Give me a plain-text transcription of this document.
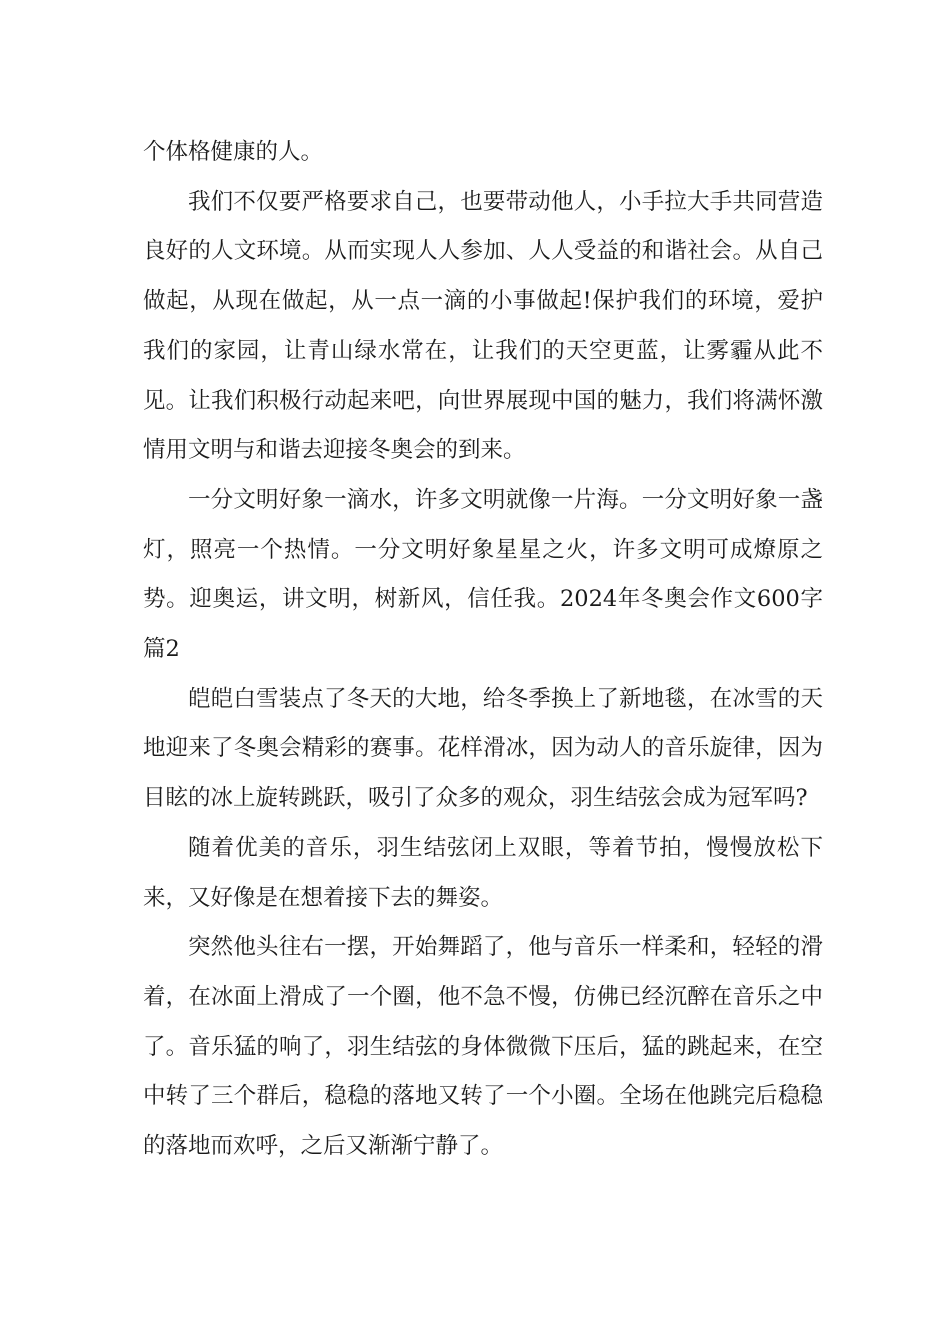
个体格健康的人。

我们不仅要严格要求自己，也要带动他人，小手拉大手共同营造良好的人文环境。从而实现人人参加、人人受益的和谐社会。从自己做起，从现在做起，从一点一滴的小事做起!保护我们的环境，爱护我们的家园，让青山绿水常在，让我们的天空更蓝，让雾霾从此不见。让我们积极行动起来吧，向世界展现中国的魅力，我们将满怀激情用文明与和谐去迎接冬奥会的到来。

一分文明好象一滴水，许多文明就像一片海。一分文明好象一盏灯，照亮一个热情。一分文明好象星星之火，许多文明可成燎原之势。迎奥运，讲文明，树新风，信任我。2024年冬奥会作文600字篇2

皑皑白雪装点了冬天的大地，给冬季换上了新地毯，在冰雪的天地迎来了冬奥会精彩的赛事。花样滑冰，因为动人的音乐旋律，因为目眩的冰上旋转跳跃，吸引了众多的观众，羽生结弦会成为冠军吗?

随着优美的音乐，羽生结弦闭上双眼，等着节拍，慢慢放松下来，又好像是在想着接下去的舞姿。

突然他头往右一摆，开始舞蹈了，他与音乐一样柔和，轻轻的滑着，在冰面上滑成了一个圈，他不急不慢，仿佛已经沉醉在音乐之中了。音乐猛的响了，羽生结弦的身体微微下压后，猛的跳起来，在空中转了三个群后，稳稳的落地又转了一个小圈。全场在他跳完后稳稳的落地而欢呼，之后又渐渐宁静了。
